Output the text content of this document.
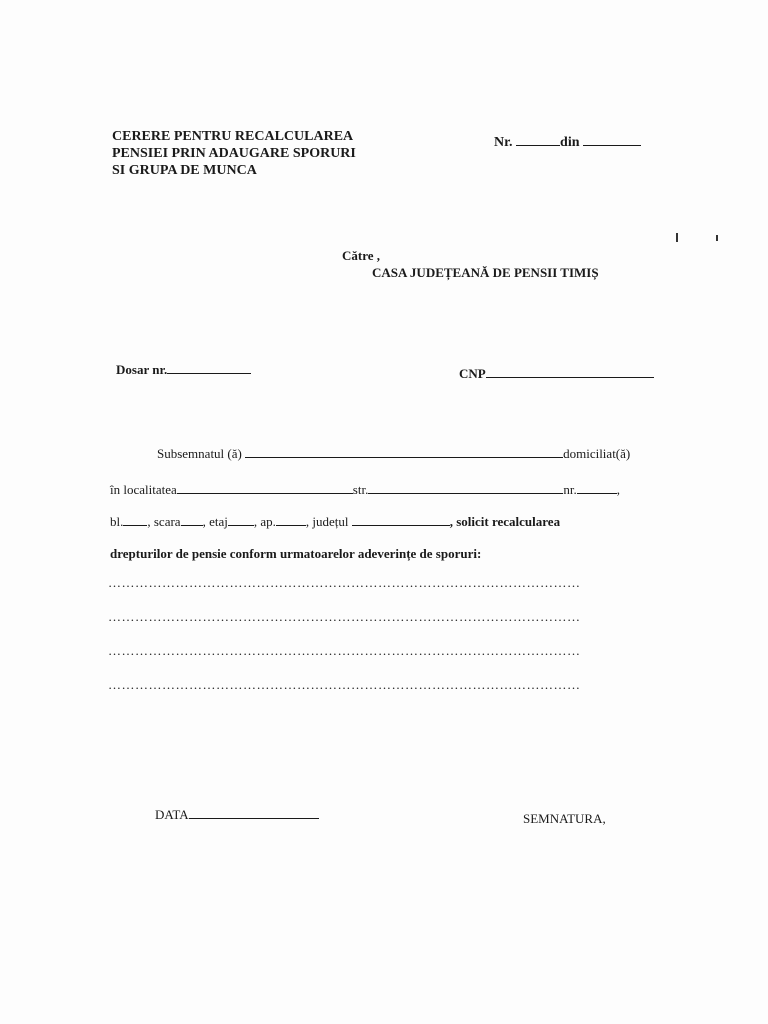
CERERE PENTRU RECALCULAREA
PENSIEI PRIN ADAUGARE SPORURI
SI GRUPA DE MUNCA
Nr.	din
Către ,
CASA JUDEȚEANĂ DE PENSII TIMIȘ
Dosar nr.	CNP
Subsemnatul (ă)	domiciliat(ă)
în localitatea	str.	nr.	,
bl. , scara , etaj , ap. , județul	, solicit recalcularea
drepturilor de pensie conform urmatoarelor adeverințe de sporuri:
……………………………………………………………………………………………
……………………………………………………………………………………………
……………………………………………………………………………………………
……………………………………………………………………………………………
DATA	SEMNATURA,
